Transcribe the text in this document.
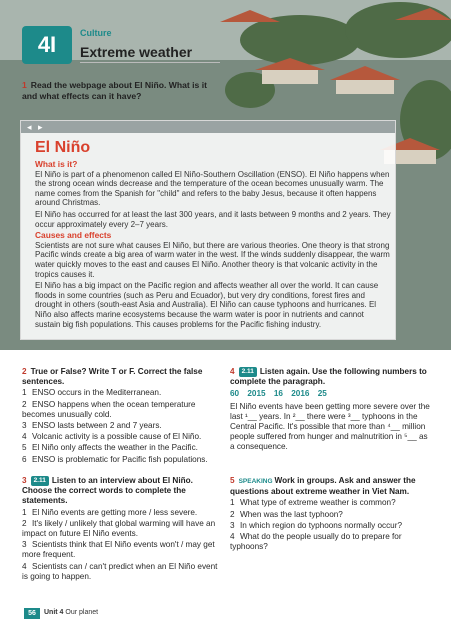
4I	Culture
Extreme weather
1 Read the webpage about El Niño. What is it and what effects can it have?
◂ ▸
El Niño
What is it?

El Niño is part of a phenomenon called El Niño-Southern Oscillation (ENSO). El Niño happens when the strong ocean winds decrease and the temperature of the ocean becomes unusually warm. The name comes from the Spanish for "child" and refers to the baby Jesus, because it often happens around Christmas.

El Niño has occurred for at least the last 300 years, and it lasts between 9 months and 2 years. They occur approximately every 2–7 years.

Causes and effects

Scientists are not sure what causes El Niño, but there are various theories. One theory is that strong Pacific winds create a big area of warm water in the west. If the winds suddenly disappear, the warm water quickly moves to the east and causes El Niño. Another theory is that volcanic activity in the tropics causes it.

El Niño has a big impact on the Pacific region and affects weather all over the world. It can cause floods in some countries (such as Peru and Ecuador), but very dry conditions, forest fires and drought in others (south-east Asia and Australia). El Niño can cause typhoons and hurricanes. El Niño also affects marine ecosystems because the warm water is poor in nutrients and cannot sustain big fish populations. This causes problems for the Pacific fishing industry.

2 True or False? Write T or F. Correct the false sentences.
1 ENSO occurs in the Mediterranean.
2 ENSO happens when the ocean temperature becomes unusually cold.
3 ENSO lasts between 2 and 7 years.
4 Volcanic activity is a possible cause of El Niño.
5 El Niño only affects the weather in the Pacific.
6 ENSO is problematic for Pacific fish populations.
3 2.11 Listen to an interview about El Niño. Choose the correct words to complete the statements.
1 El Niño events are getting more / less severe.
2 It's likely / unlikely that global warming will have an impact on future El Niño events.
3 Scientists think that El Niño events won't / may get more frequent.
4 Scientists can / can't predict when an El Niño event is going to happen.
4 2.11 Listen again. Use the following numbers to complete the paragraph.
60 2015 16 2016 25

El Niño events have been getting more severe over the last ¹__ years. In ²__ there were ³__ typhoons in the Central Pacific. It's possible that more than ⁴__ million people suffered from hunger and malnutrition in ⁵__ as a consequence.

5 SPEAKING Work in groups. Ask and answer the questions about extreme weather in Viet Nam.
1 What type of extreme weather is common?
2 When was the last typhoon?
3 In which region do typhoons normally occur?
4 What do the people usually do to prepare for typhoons?
56	Unit 4 Our planet
